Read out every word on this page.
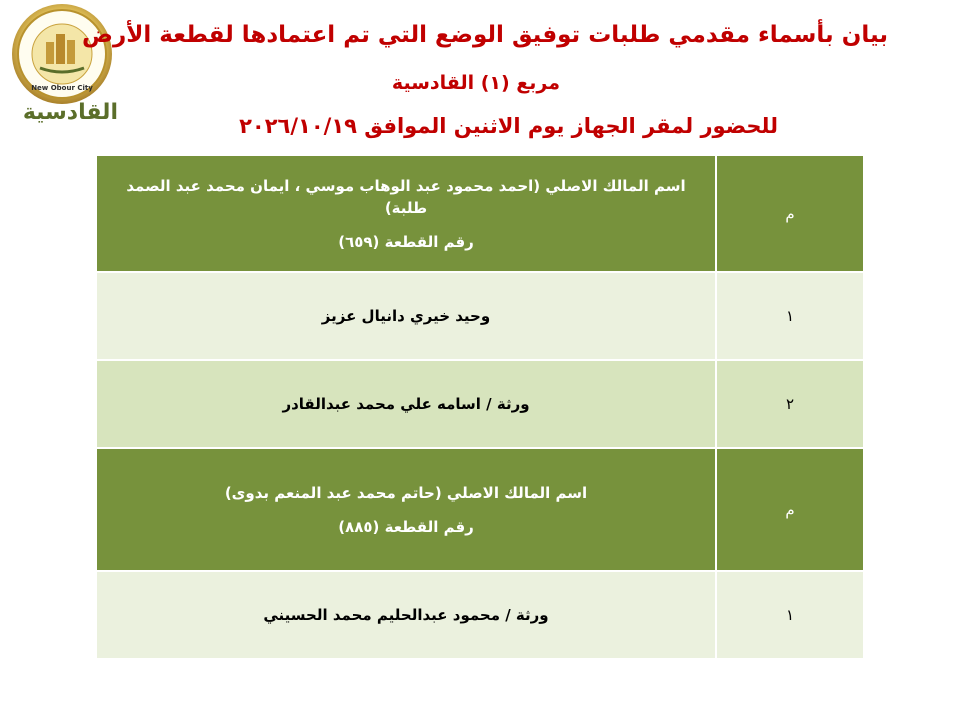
New Obour City
القادسية
بيان بأسماء مقدمي طلبات توفيق الوضع التي تم اعتمادها لقطعة الأرض
مربع (١) القادسية
للحضور لمقر الجهاز يوم الاثنين الموافق ٢٠٢٦/١٠/١٩
م	اسم المالك الاصلي (احمد محمود عبد الوهاب موسي ، ايمان محمد عبد الصمد طلبة)
رقم القطعة (٦٥٩)

١	وحيد خيري دانيال عزيز
٢	ورثة / اسامه علي محمد عبدالقادر
م	اسم المالك الاصلي (حاتم محمد عبد المنعم بدوى)
رقم القطعة (٨٨٥)

١	ورثة / محمود عبدالحليم محمد الحسيني
